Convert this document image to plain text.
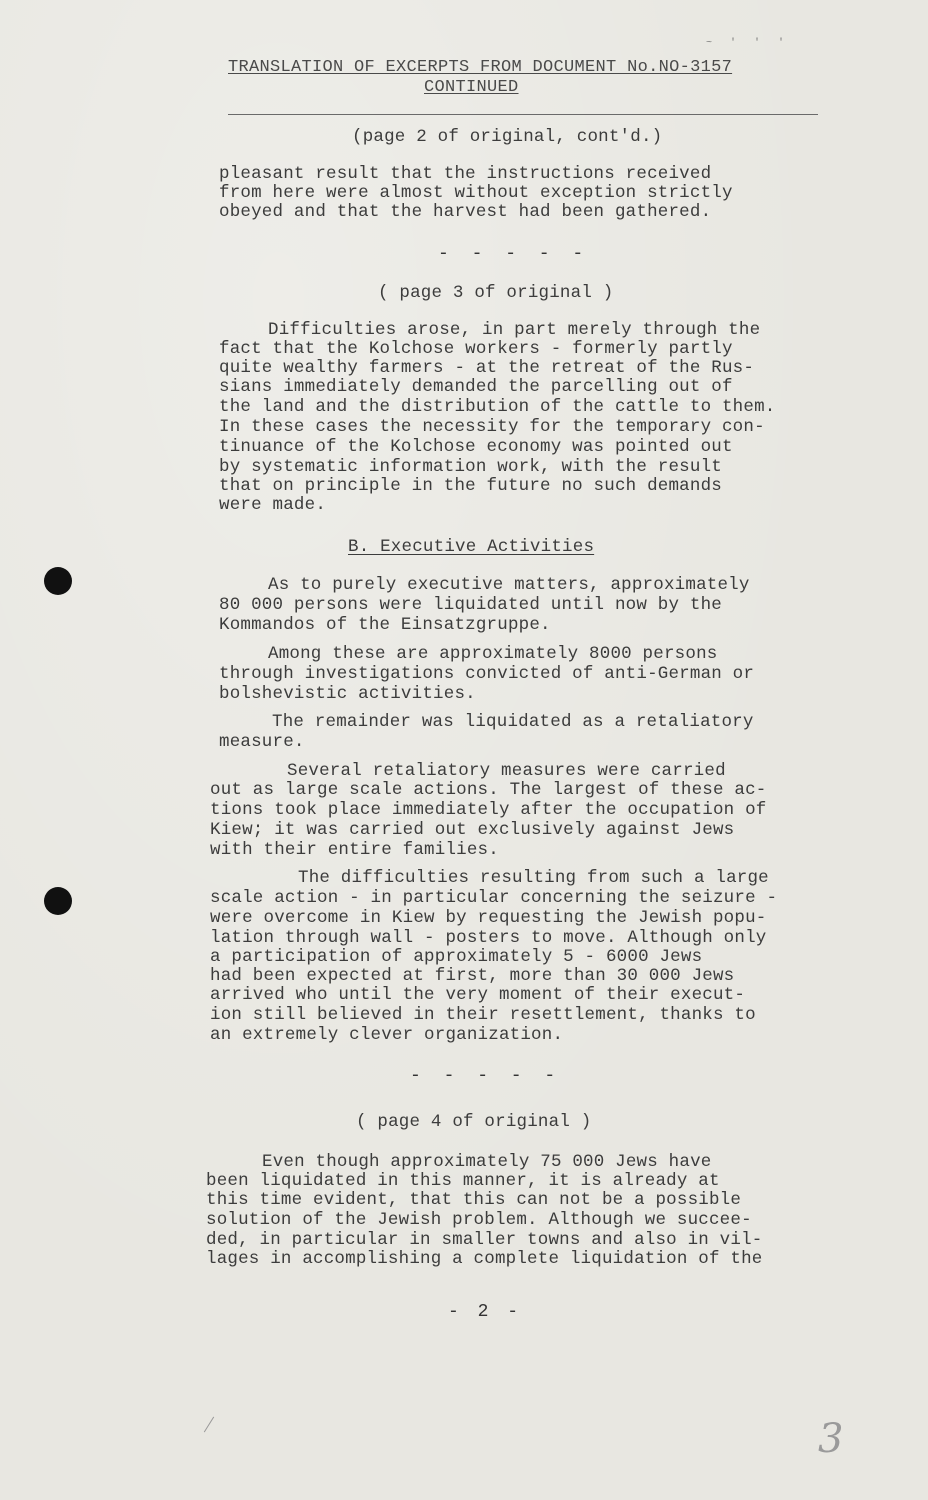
~ ' ' '
TRANSLATION OF EXCERPTS FROM DOCUMENT No.NO-3157
CONTINUED
(page 2 of original, cont'd.)
pleasant result that the instructions received
from here were almost without exception strictly
obeyed and that the harvest had been gathered.
- - - - -
( page 3 of original )
Difficulties arose, in part merely through the
fact that the Kolchose workers - formerly partly
quite wealthy farmers - at the retreat of the Rus-
sians immediately demanded the parcelling out of
the land and the distribution of the cattle to them.
In these cases the necessity for the temporary con-
tinuance of the Kolchose economy was pointed out
by systematic information work, with the result
that on principle in the future no such demands
were made.
B. Executive Activities
As to purely executive matters, approximately
80 000 persons were liquidated until now by the
Kommandos of the Einsatzgruppe.
Among these are approximately 8000 persons
through investigations convicted of anti-German or
bolshevistic activities.
The remainder was liquidated as a retaliatory
measure.
Several retaliatory measures were carried
out as large scale actions. The largest of these ac-
tions took place immediately after the occupation of
Kiew; it was carried out exclusively against Jews
with their entire families.
The difficulties resulting from such a large
scale action - in particular concerning the seizure -
were overcome in Kiew by requesting the Jewish popu-
lation through wall - posters to move. Although only
a participation of approximately 5 - 6000 Jews
had been expected at first, more than 30 000 Jews
arrived who until the very moment of their execut-
ion still believed in their resettlement, thanks to
an extremely clever organization.
- - - - -
( page 4 of original )
Even though approximately 75 000 Jews have
been liquidated in this manner, it is already at
this time evident, that this can not be a possible
solution of the Jewish problem. Although we succee-
ded, in particular in smaller towns and also in vil-
lages in accomplishing a complete liquidation of the
- 2 -
3
